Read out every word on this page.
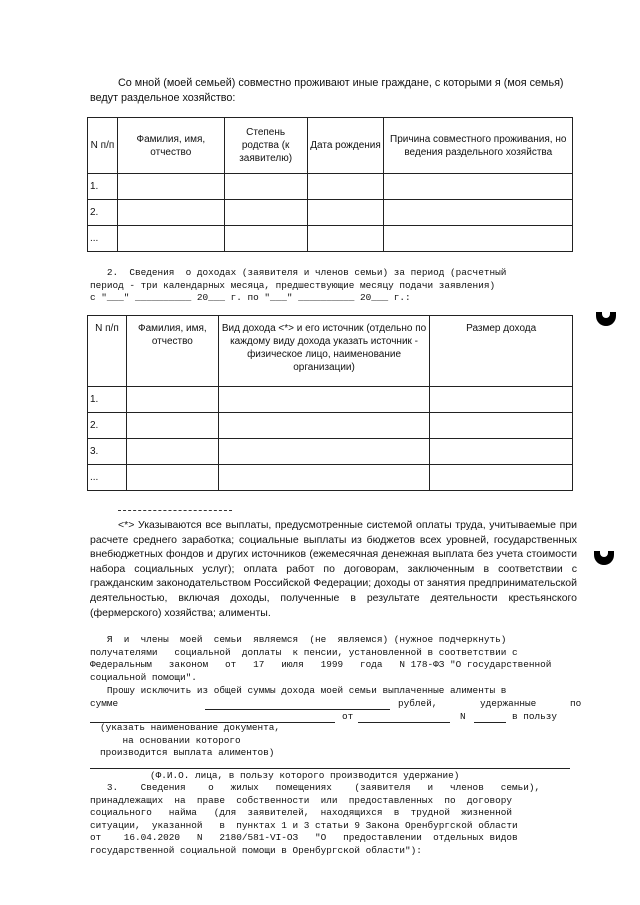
Со мной (моей семьей) совместно проживают иные граждане, с которыми я (моя семья) ведут раздельное хозяйство:

N п/п	Фамилия, имя, отчество	Степень родства (к заявителю)	Дата рождения	Причина совместного проживания, но ведения раздельного хозяйства
1.				
2.				
...				
2.  Сведения  о доходах (заявителя и членов семьи) за период (расчетный
период - три календарных месяца, предшествующие месяцу подачи заявления)
с "___" __________ 20___ г. по "___" __________ 20___ г.:
N п/п	Фамилия, имя, отчество	Вид дохода <*> и его источник (отдельно по каждому виду дохода указать источник - физическое лицо, наименование организации)	Размер дохода
1.			
2.			
3.			
...			

<*> Указываются все выплаты, предусмотренные системой оплаты труда, учитываемые при расчете среднего заработка; социальные выплаты из бюджетов всех уровней, государственных внебюджетных фондов и других источников (ежемесячная денежная выплата без учета стоимости набора социальных услуг); оплата работ по договорам, заключенным в соответствии с гражданским законодательством Российской Федерации; доходы от занятия предпринимательской деятельностью, включая доходы, полученные в результате деятельности крестьянского (фермерского) хозяйства; алименты.

Я  и  члены  моей  семьи  являемся  (не  являемся) (нужное подчеркнуть)
получателями   социальной  доплаты  к пенсии, установленной в соответствии с
Федеральным   законом   от   17   июля   1999   года   N 178-ФЗ "О государственной
социальной помощи".
Прошу исключить из общей суммы дохода моей семьи выплаченные алименты в
сумме	рублей,	удержанные      по
от	N	в пользу
(указать наименование документа,
на основании которого
производится выплата алиментов)
(Ф.И.О. лица, в пользу которого производится удержание)
3.    Сведения    о   жилых   помещениях    (заявителя   и   членов   семьи),
принадлежащих  на  праве  собственности  или  предоставленных  по  договору
социального   найма   (для  заявителей,  находящихся  в  трудной  жизненной
ситуации,  указанной   в  пунктах 1 и 3 статьи 9 Закона Оренбургской области
от    16.04.2020   N   2180/581-VI-ОЗ   "О   предоставлении  отдельных видов
государственной социальной помощи в Оренбургской области"):
